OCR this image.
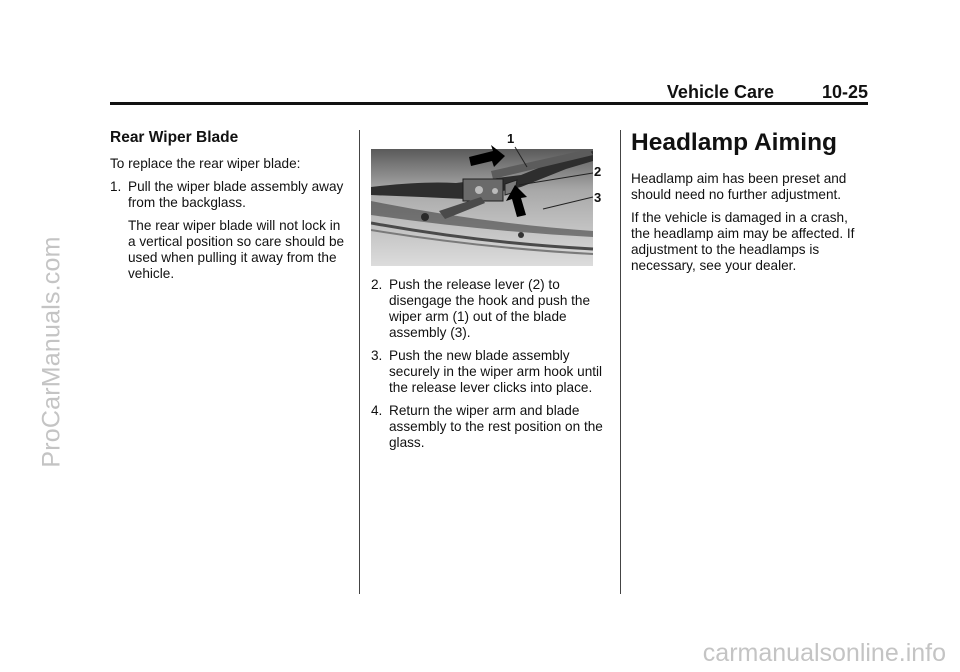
ProCarManuals.com
carmanualsonline.info
Vehicle Care	10-25
Rear Wiper Blade

To replace the rear wiper blade:

1. Pull the wiper blade assembly away from the backglass.
The rear wiper blade will not lock in a vertical position so care should be used when pulling it away from the vehicle.
1
2
3
2. Push the release lever (2) to disengage the hook and push the wiper arm (1) out of the blade assembly (3).
3. Push the new blade assembly securely in the wiper arm hook until the release lever clicks into place.
4. Return the wiper arm and blade assembly to the rest position on the glass.
Headlamp Aiming

Headlamp aim has been preset and should need no further adjustment.

If the vehicle is damaged in a crash, the headlamp aim may be affected. If adjustment to the headlamps is necessary, see your dealer.
